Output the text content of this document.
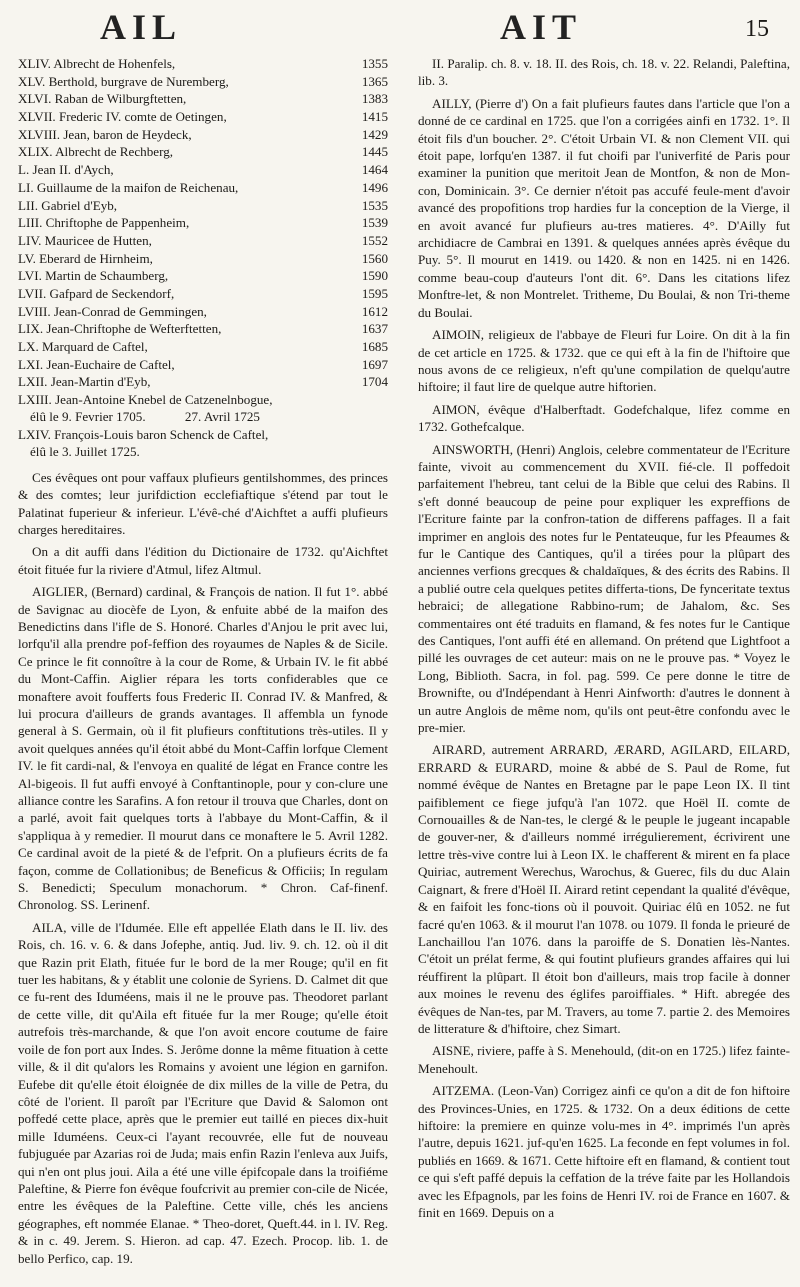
AIL	AIT	15
XLIV. Albrecht de Hohenfels,	1355
XLV. Berthold, burgrave de Nuremberg,	1365
XLVI. Raban de Wilburgftetten,	1383
XLVII. Frederic IV. comte de Oetingen,	1415
XLVIII. Jean, baron de Heydeck,	1429
XLIX. Albrecht de Rechberg,	1445
L. Jean II. d'Aych,	1464
LI. Guillaume de la maifon de Reichenau,	1496
LII. Gabriel d'Eyb,	1535
LIII. Chriftophe de Pappenheim,	1539
LIV. Mauricee de Hutten,	1552
LV. Eberard de Hirnheim,	1560
LVI. Martin de Schaumberg,	1590
LVII. Gafpard de Seckendorf,	1595
LVIII. Jean-Conrad de Gemmingen,	1612
LIX. Jean-Chriftophe de Wefterftetten,	1637
LX. Marquard de Caftel,	1685
LXI. Jean-Euchaire de Caftel,	1697
LXII. Jean-Martin d'Eyb,	1704
LXIII. Jean-Antoine Knebel de Catzenelnbogue,
élû le 9. Fevrier 1705.            27. Avril 1725
LXIV. François-Louis baron Schenck de Caftel,
élû le 3. Juillet 1725.

Ces évêques ont pour vaffaux plufieurs gentilshommes, des princes & des comtes; leur jurifdiction ecclefiaftique s'étend par tout le Palatinat fuperieur & inferieur. L'évê-ché d'Aichftet a auffi plufieurs charges hereditaires.

On a dit auffi dans l'édition du Dictionaire de 1732. qu'Aichftet étoit fituée fur la riviere d'Atmul, lifez Altmul.

AIGLIER, (Bernard) cardinal, & François de nation. Il fut 1°. abbé de Savignac au diocèfe de Lyon, & enfuite abbé de la maifon des Benedictins dans l'ifle de S. Honoré. Charles d'Anjou le prit avec lui, lorfqu'il alla prendre pof-feffion des royaumes de Naples & de Sicile. Ce prince le fit connoître à la cour de Rome, & Urbain IV. le fit abbé du Mont-Caffin. Aiglier répara les torts confiderables que ce monaftere avoit foufferts fous Frederic II. Conrad IV. & Manfred, & lui procura d'ailleurs de grands avantages. Il affembla un fynode general à S. Germain, où il fit plufieurs conftitutions très-utiles. Il y avoit quelques années qu'il étoit abbé du Mont-Caffin lorfque Clement IV. le fit cardi-nal, & l'envoya en qualité de légat en France contre les Al-bigeois. Il fut auffi envoyé à Conftantinople, pour y con-clure une alliance contre les Sarafins. A fon retour il trouva que Charles, dont on a parlé, avoit fait quelques torts à l'abbaye du Mont-Caffin, & il s'appliqua à y remedier. Il mourut dans ce monaftere le 5. Avril 1282. Ce cardinal avoit de la pieté & de l'efprit. On a plufieurs écrits de fa façon, comme de Collationibus; de Beneficus & Officiis; In regulam S. Benedicti; Speculum monachorum. * Chron. Caf-finenf. Chronolog. SS. Lerinenf.

AILA, ville de l'Idumée. Elle eft appellée Elath dans le II. liv. des Rois, ch. 16. v. 6. & dans Jofephe, antiq. Jud. liv. 9. ch. 12. où il dit que Razin prit Elath, fituée fur le bord de la mer Rouge; qu'il en fit tuer les habitans, & y établit une colonie de Syriens. D. Calmet dit que ce fu-rent des Iduméens, mais il ne le prouve pas. Theodoret parlant de cette ville, dit qu'Aila eft fituée fur la mer Rouge; qu'elle étoit autrefois très-marchande, & que l'on avoit encore coutume de faire voile de fon port aux Indes. S. Jerôme donne la même fituation à cette ville, & il dit qu'alors les Romains y avoient une légion en garnifon. Eufebe dit qu'elle étoit éloignée de dix milles de la ville de Petra, du côté de l'orient. Il paroît par l'Ecriture que David & Salomon ont poffedé cette place, après que le premier eut taillé en pieces dix-huit mille Iduméens. Ceux-ci l'ayant recouvrée, elle fut de nouveau fubjuguée par Azarias roi de Juda; mais enfin Razin l'enleva aux Juifs, qui n'en ont plus joui. Aila a été une ville épifcopale dans la troifiéme Paleftine, & Pierre fon évêque foufcrivit au premier con-cile de Nicée, entre les évêques de la Paleftine. Cette ville, chés les anciens géographes, eft nommée Elanae. * Theo-doret, Queft.44. in l. IV. Reg. & in c. 49. Jerem. S. Hieron. ad cap. 47. Ezech. Procop. lib. 1. de bello Perfico, cap. 19.

II. Paralip. ch. 8. v. 18. II. des Rois, ch. 18. v. 22. Relandi, Paleftina, lib. 3.

AILLY, (Pierre d') On a fait plufieurs fautes dans l'article que l'on a donné de ce cardinal en 1725. que l'on a corrigées ainfi en 1732. 1°. Il étoit fils d'un boucher. 2°. C'étoit Urbain VI. & non Clement VII. qui étoit pape, lorfqu'en 1387. il fut choifi par l'univerfité de Paris pour examiner la punition que meritoit Jean de Montfon, & non de Mon-con, Dominicain. 3°. Ce dernier n'étoit pas accufé feule-ment d'avoir avancé des propofitions trop hardies fur la conception de la Vierge, il en avoit avancé fur plufieurs au-tres matieres. 4°. D'Ailly fut archidiacre de Cambrai en 1391. & quelques années après évêque du Puy. 5°. Il mourut en 1419. ou 1420. & non en 1425. ni en 1426. comme beau-coup d'auteurs l'ont dit. 6°. Dans les citations lifez Monftre-let, & non Montrelet. Tritheme, Du Boulai, & non Tri-theme du Boulai.

AIMOIN, religieux de l'abbaye de Fleuri fur Loire. On dit à la fin de cet article en 1725. & 1732. que ce qui eft à la fin de l'hiftoire que nous avons de ce religieux, n'eft qu'une compilation de quelqu'autre hiftoire; il faut lire de quelque autre hiftorien.

AIMON, évêque d'Halberftadt. Godefchalque, lifez comme en 1732. Gothefcalque.

AINSWORTH, (Henri) Anglois, celebre commentateur de l'Ecriture fainte, vivoit au commencement du XVII. fié-cle. Il poffedoit parfaitement l'hebreu, tant celui de la Bible que celui des Rabins. Il s'eft donné beaucoup de peine pour expliquer les expreffions de l'Ecriture fainte par la confron-tation de differens paffages. Il a fait imprimer en anglois des notes fur le Pentateuque, fur les Pfeaumes & fur le Cantique des Cantiques, qu'il a tirées pour la plûpart des anciennes verfions grecques & chaldaïques, & des écrits des Rabins. Il a publié outre cela quelques petites differta-tions, De fynceritate textus hebraici; de allegatione Rabbino-rum; de Jahalom, &c. Ses commentaires ont été traduits en flamand, & fes notes fur le Cantique des Cantiques, l'ont auffi été en allemand. On prétend que Lightfoot a pillé les ouvrages de cet auteur: mais on ne le prouve pas. * Voyez le Long, Biblioth. Sacra, in fol. pag. 599. Ce pere donne le titre de Brownifte, ou d'Indépendant à Henri Ainfworth: d'autres le donnent à un autre Anglois de même nom, qu'ils ont peut-être confondu avec le pre-mier.

AIRARD, autrement ARRARD, ÆRARD, AGILARD, EILARD, ERRARD & EURARD, moine & abbé de S. Paul de Rome, fut nommé évêque de Nantes en Bretagne par le pape Leon IX. Il tint paifiblement ce fiege jufqu'à l'an 1072. que Hoël II. comte de Cornouailles & de Nan-tes, le clergé & le peuple le jugeant incapable de gouver-ner, & d'ailleurs nommé irrégulierement, écrivirent une lettre très-vive contre lui à Leon IX. le chafferent & mirent en fa place Quiriac, autrement Werechus, Warochus, & Guerec, fils du duc Alain Caignart, & frere d'Hoël II. Airard retint cependant la qualité d'évêque, & en faifoit les fonc-tions où il pouvoit. Quiriac élû en 1052. ne fut facré qu'en 1063. & il mourut l'an 1078. ou 1079. Il fonda le prieuré de Lanchaillou l'an 1076. dans la paroiffe de S. Donatien lès-Nantes. C'étoit un prélat ferme, & qui foutint plufieurs grandes affaires qui lui réuffirent la plûpart. Il étoit bon d'ailleurs, mais trop facile à donner aux moines le revenu des églifes paroiffiales. * Hift. abregée des évêques de Nan-tes, par M. Travers, au tome 7. partie 2. des Memoires de litterature & d'hiftoire, chez Simart.

AISNE, riviere, paffe à S. Menehould, (dit-on en 1725.) lifez fainte-Menehoult.

AITZEMA. (Leon-Van) Corrigez ainfi ce qu'on a dit de fon hiftoire des Provinces-Unies, en 1725. & 1732. On a deux éditions de cette hiftoire: la premiere en quinze volu-mes in 4°. imprimés l'un après l'autre, depuis 1621. juf-qu'en 1625. La feconde en fept volumes in fol. publiés en 1669. & 1671. Cette hiftoire eft en flamand, & contient tout ce qui s'eft paffé depuis la ceffation de la tréve faite par les Hollandois avec les Efpagnols, par les foins de Henri IV. roi de France en 1607. & finit en 1669. Depuis on a
